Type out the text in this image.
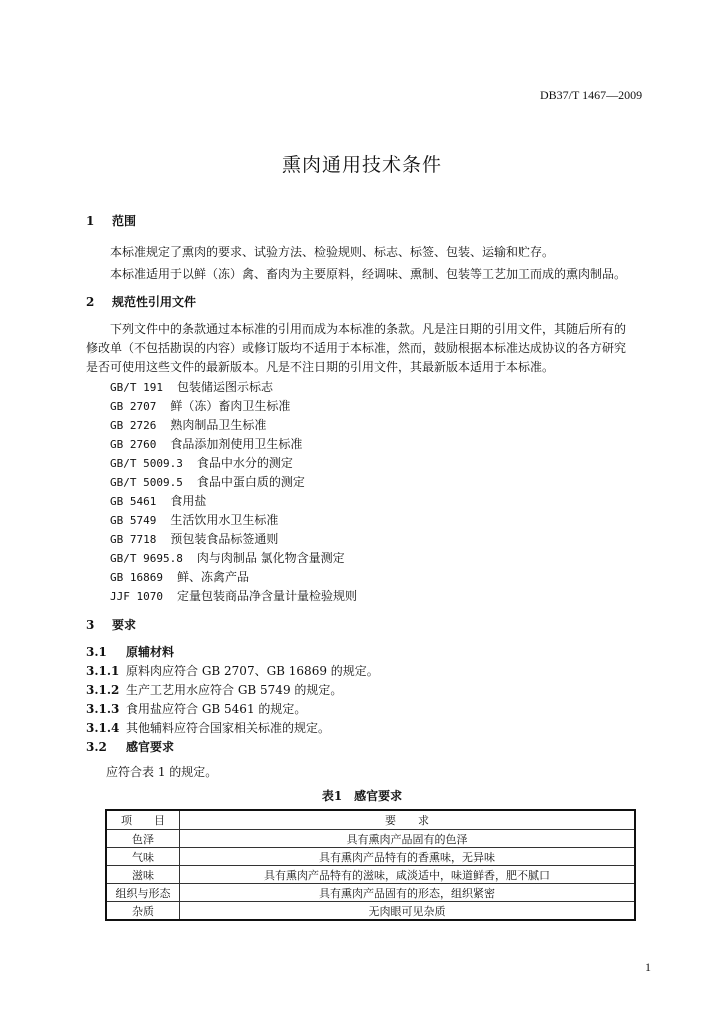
DB37/T 1467—2009
熏肉通用技术条件
1 范围
本标准规定了熏肉的要求、试验方法、检验规则、标志、标签、包装、运输和贮存。
本标准适用于以鲜（冻）禽、畜肉为主要原料，经调味、熏制、包装等工艺加工而成的熏肉制品。
2 规范性引用文件
下列文件中的条款通过本标准的引用而成为本标准的条款。凡是注日期的引用文件，其随后所有的
修改单（不包括勘误的内容）或修订版均不适用于本标准，然而，鼓励根据本标准达成协议的各方研究
是否可使用这些文件的最新版本。凡是不注日期的引用文件，其最新版本适用于本标准。
GB/T 191 包装储运图示标志
GB 2707 鲜（冻）畜肉卫生标准
GB 2726 熟肉制品卫生标准
GB 2760 食品添加剂使用卫生标准
GB/T 5009.3 食品中水分的测定
GB/T 5009.5 食品中蛋白质的测定
GB 5461 食用盐
GB 5749 生活饮用水卫生标准
GB 7718 预包装食品标签通则
GB/T 9695.8 肉与肉制品 氯化物含量测定
GB 16869 鲜、冻禽产品
JJF 1070 定量包装商品净含量计量检验规则
3 要求
3.1 原辅材料
3.1.1 原料肉应符合 GB 2707、GB 16869 的规定。
3.1.2 生产工艺用水应符合 GB 5749 的规定。
3.1.3 食用盐应符合 GB 5461 的规定。
3.1.4 其他辅料应符合国家相关标准的规定。
3.2 感官要求
应符合表 1 的规定。
表1　感官要求
项　　目	要　　求
色泽	具有熏肉产品固有的色泽
气味	具有熏肉产品特有的香熏味，无异味
滋味	具有熏肉产品特有的滋味，咸淡适中，味道鲜香，肥不腻口
组织与形态	具有熏肉产品固有的形态，组织紧密
杂质	无肉眼可见杂质
1
